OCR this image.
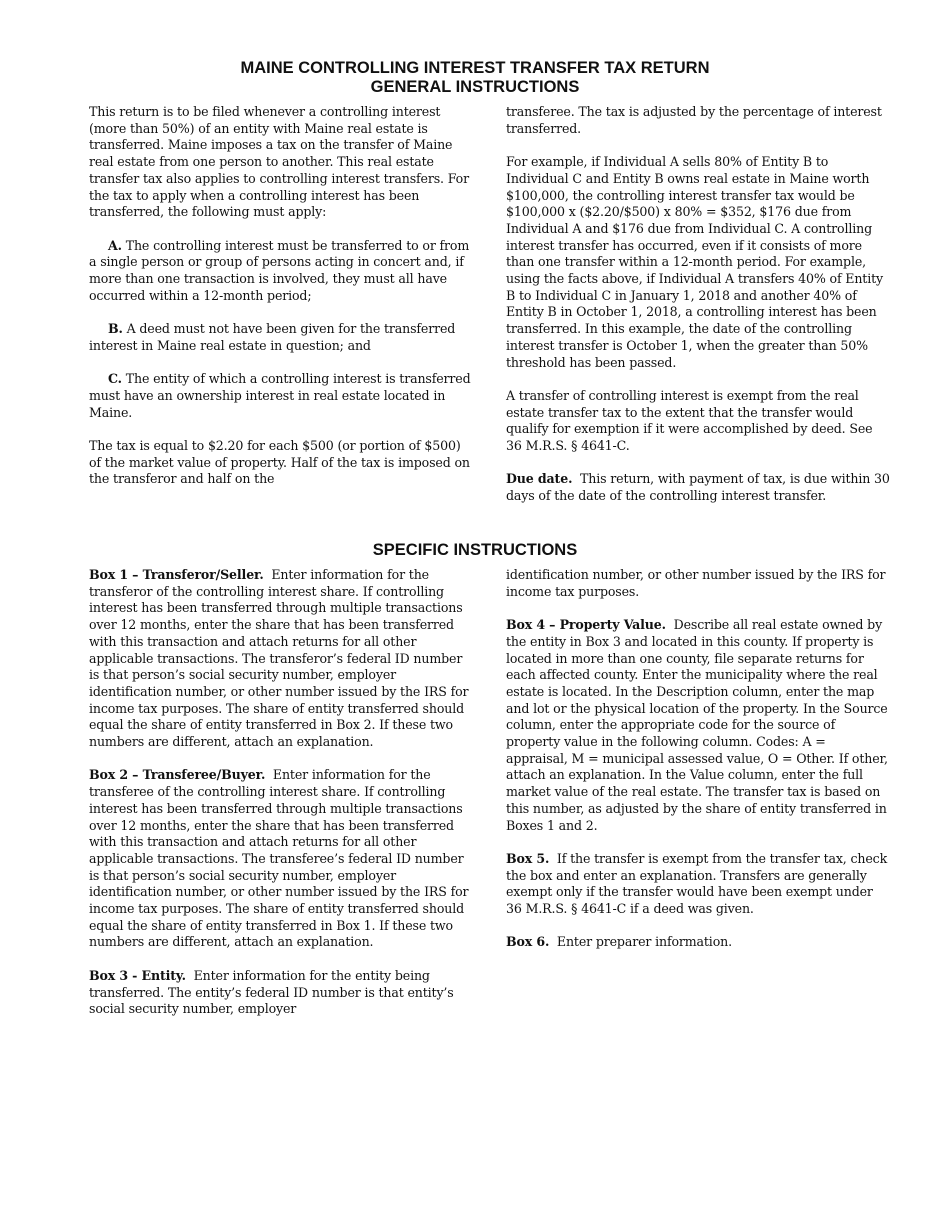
MAINE CONTROLLING INTEREST TRANSFER TAX RETURN
GENERAL INSTRUCTIONS

This return is to be filed whenever a controlling interest (more than 50%) of an entity with Maine real estate is transferred. Maine imposes a tax on the transfer of Maine real estate from one person to another. This real estate transfer tax also applies to controlling interest transfers. For the tax to apply when a controlling interest has been transferred, the following must apply:

A. The controlling interest must be transferred to or from a single person or group of persons acting in concert and, if more than one transaction is involved, they must all have occurred within a 12-month period;

B. A deed must not have been given for the transferred interest in Maine real estate in question; and

C. The entity of which a controlling interest is transferred must have an ownership interest in real estate located in Maine.

The tax is equal to $2.20 for each $500 (or portion of $500) of the market value of property. Half of the tax is imposed on the transferor and half on the

transferee. The tax is adjusted by the percentage of interest transferred.

For example, if Individual A sells 80% of Entity B to Individual C and Entity B owns real estate in Maine worth $100,000, the controlling interest transfer tax would be $100,000 x ($2.20/$500) x 80% = $352, $176 due from Individual A and $176 due from Individual C. A controlling interest transfer has occurred, even if it consists of more than one transfer within a 12-month period. For example, using the facts above, if Individual A transfers 40% of Entity B to Individual C in January 1, 2018 and another 40% of Entity B in October 1, 2018, a controlling interest has been transferred. In this example, the date of the controlling interest transfer is October 1, when the greater than 50% threshold has been passed.

A transfer of controlling interest is exempt from the real estate transfer tax to the extent that the transfer would qualify for exemption if it were accomplished by deed. See 36 M.R.S. § 4641-C.

Due date. This return, with payment of tax, is due within 30 days of the date of the controlling interest transfer.

SPECIFIC INSTRUCTIONS

Box 1 – Transferor/Seller. Enter information for the transferor of the controlling interest share. If controlling interest has been transferred through multiple transactions over 12 months, enter the share that has been transferred with this transaction and attach returns for all other applicable transactions. The transferor’s federal ID number is that person’s social security number, employer identification number, or other number issued by the IRS for income tax purposes. The share of entity transferred should equal the share of entity transferred in Box 2. If these two numbers are different, attach an explanation.

Box 2 – Transferee/Buyer. Enter information for the transferee of the controlling interest share. If controlling interest has been transferred through multiple transactions over 12 months, enter the share that has been transferred with this transaction and attach returns for all other applicable transactions. The transferee’s federal ID number is that person’s social security number, employer identification number, or other number issued by the IRS for income tax purposes. The share of entity transferred should equal the share of entity transferred in Box 1. If these two numbers are different, attach an explanation.

Box 3 - Entity. Enter information for the entity being transferred. The entity’s federal ID number is that entity’s social security number, employer

identification number, or other number issued by the IRS for income tax purposes.

Box 4 – Property Value. Describe all real estate owned by the entity in Box 3 and located in this county. If property is located in more than one county, file separate returns for each affected county. Enter the municipality where the real estate is located. In the Description column, enter the map and lot or the physical location of the property. In the Source column, enter the appropriate code for the source of property value in the following column. Codes: A = appraisal, M = municipal assessed value, O = Other. If other, attach an explanation. In the Value column, enter the full market value of the real estate. The transfer tax is based on this number, as adjusted by the share of entity transferred in Boxes 1 and 2.

Box 5. If the transfer is exempt from the transfer tax, check the box and enter an explanation. Transfers are generally exempt only if the transfer would have been exempt under 36 M.R.S. § 4641-C if a deed was given.

Box 6. Enter preparer information.
